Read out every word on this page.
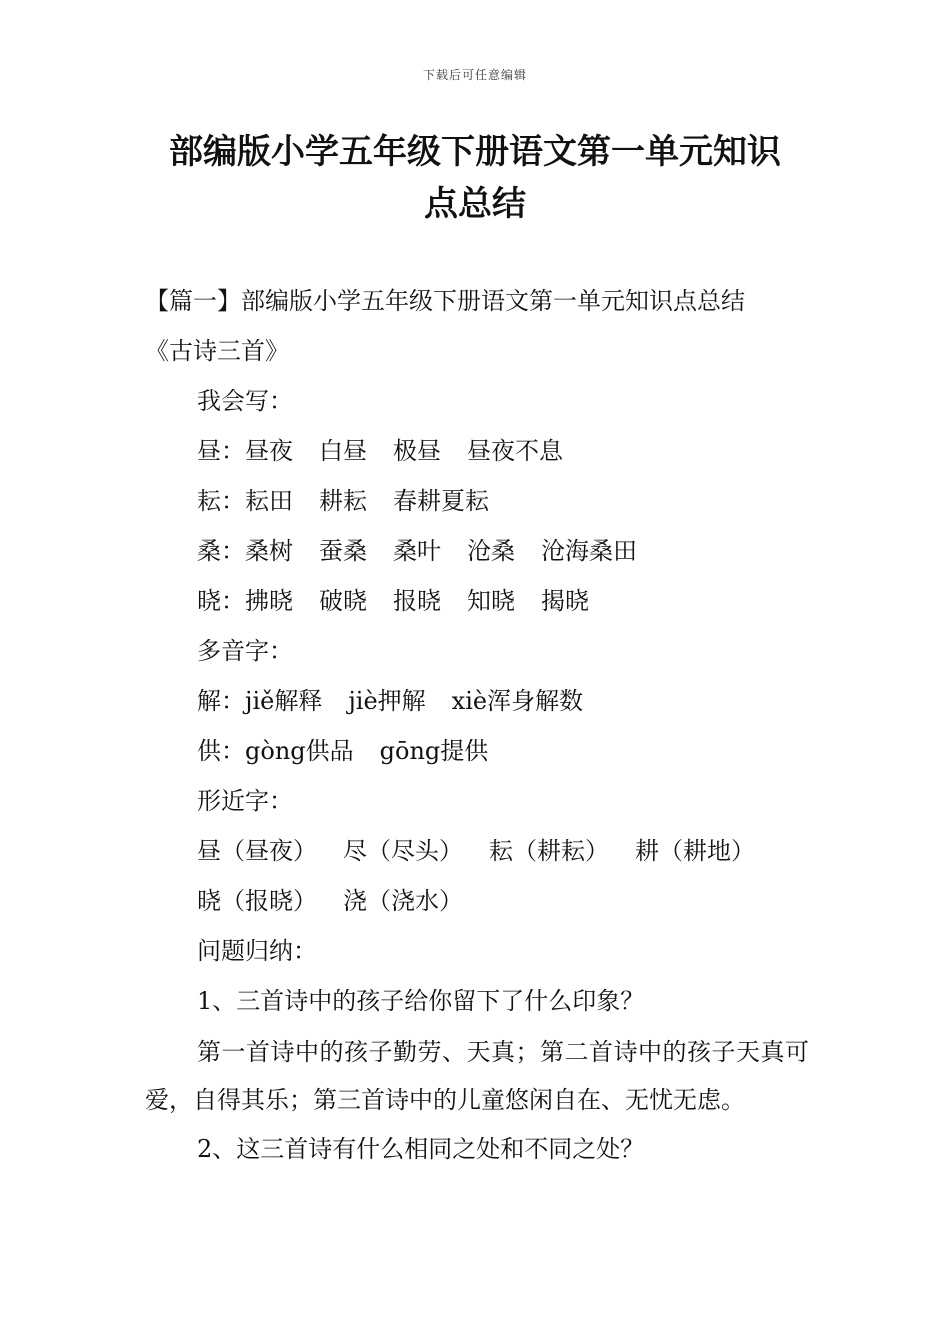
下载后可任意编辑
部编版小学五年级下册语文第一单元知识
点总结
【篇一】部编版小学五年级下册语文第一单元知识点总结
《古诗三首》
我会写：
昼：昼夜 白昼 极昼 昼夜不息
耘：耘田 耕耘 春耕夏耘
桑：桑树 蚕桑 桑叶 沧桑 沧海桑田
晓：拂晓 破晓 报晓 知晓 揭晓
多音字：
解：jiě解释 jiè押解 xiè浑身解数
供：gòng供品 gōng提供
形近字：
昼（昼夜） 尽（尽头） 耘（耕耘） 耕（耕地）
晓（报晓） 浇（浇水）
问题归纳：
1、三首诗中的孩子给你留下了什么印象？

第一首诗中的孩子勤劳、天真；第二首诗中的孩子天真可爱，自得其乐；第三首诗中的儿童悠闲自在、无忧无虑。

2、这三首诗有什么相同之处和不同之处？
